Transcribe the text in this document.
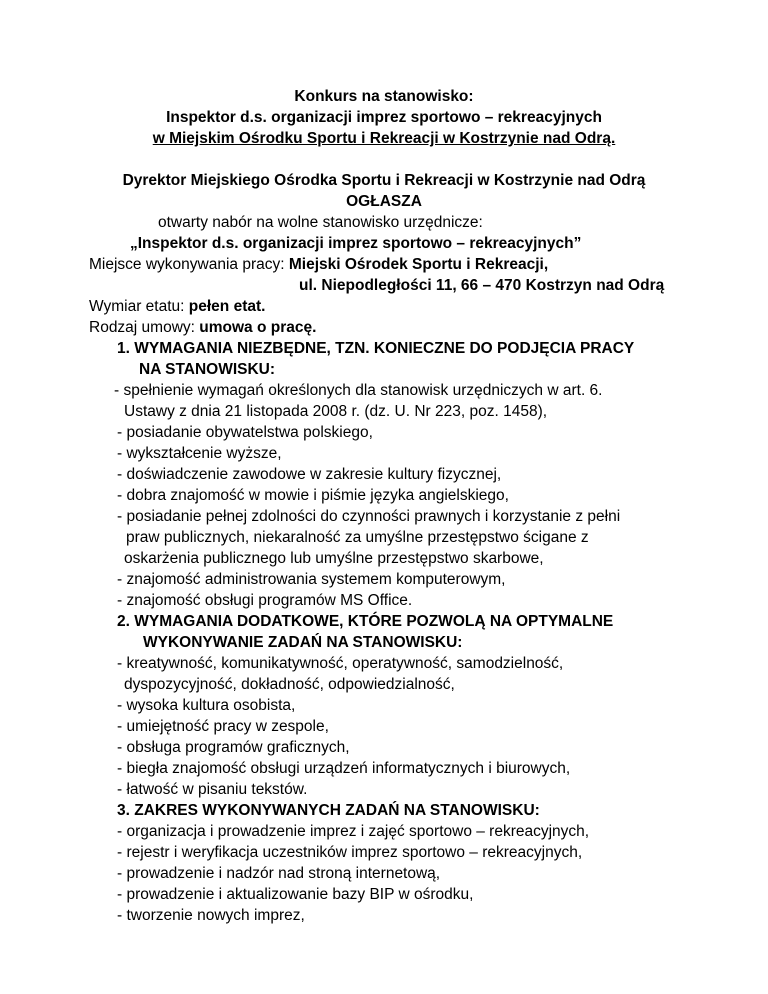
Konkurs na stanowisko:
Inspektor d.s. organizacji imprez sportowo – rekreacyjnych
w Miejskim Ośrodku Sportu i Rekreacji w Kostrzynie nad Odrą.
Dyrektor Miejskiego Ośrodka Sportu i Rekreacji w Kostrzynie nad Odrą
OGŁASZA
otwarty nabór na wolne stanowisko urzędnicze:
„Inspektor d.s. organizacji imprez sportowo – rekreacyjnych”
Miejsce wykonywania pracy: Miejski Ośrodek Sportu i Rekreacji,
ul. Niepodległości 11, 66 – 470 Kostrzyn nad Odrą
Wymiar etatu: pełen etat.
Rodzaj umowy: umowa o pracę.
1. WYMAGANIA NIEZBĘDNE, TZN. KONIECZNE DO PODJĘCIA PRACY
NA STANOWISKU:
- spełnienie wymagań określonych dla stanowisk urzędniczych w art. 6.
Ustawy z dnia 21 listopada 2008 r. (dz. U. Nr 223, poz. 1458),
- posiadanie obywatelstwa polskiego,
- wykształcenie wyższe,
- doświadczenie zawodowe w zakresie kultury fizycznej,
- dobra znajomość w mowie i piśmie języka angielskiego,
- posiadanie pełnej zdolności do czynności prawnych i korzystanie z pełni
praw publicznych, niekaralność za umyślne przestępstwo ścigane z
oskarżenia publicznego lub umyślne przestępstwo skarbowe,
- znajomość administrowania systemem komputerowym,
- znajomość obsługi programów MS Office.
2. WYMAGANIA DODATKOWE, KTÓRE POZWOLĄ NA OPTYMALNE
WYKONYWANIE ZADAŃ NA STANOWISKU:
- kreatywność, komunikatywność, operatywność, samodzielność,
dyspozycyjność, dokładność, odpowiedzialność,
- wysoka kultura osobista,
- umiejętność pracy w zespole,
- obsługa programów graficznych,
- biegła znajomość obsługi urządzeń informatycznych i biurowych,
- łatwość w pisaniu tekstów.
3. ZAKRES WYKONYWANYCH ZADAŃ NA STANOWISKU:
- organizacja i prowadzenie imprez i zajęć sportowo – rekreacyjnych,
- rejestr i weryfikacja uczestników imprez sportowo – rekreacyjnych,
- prowadzenie i nadzór nad stroną internetową,
- prowadzenie i aktualizowanie bazy BIP w ośrodku,
- tworzenie nowych imprez,
